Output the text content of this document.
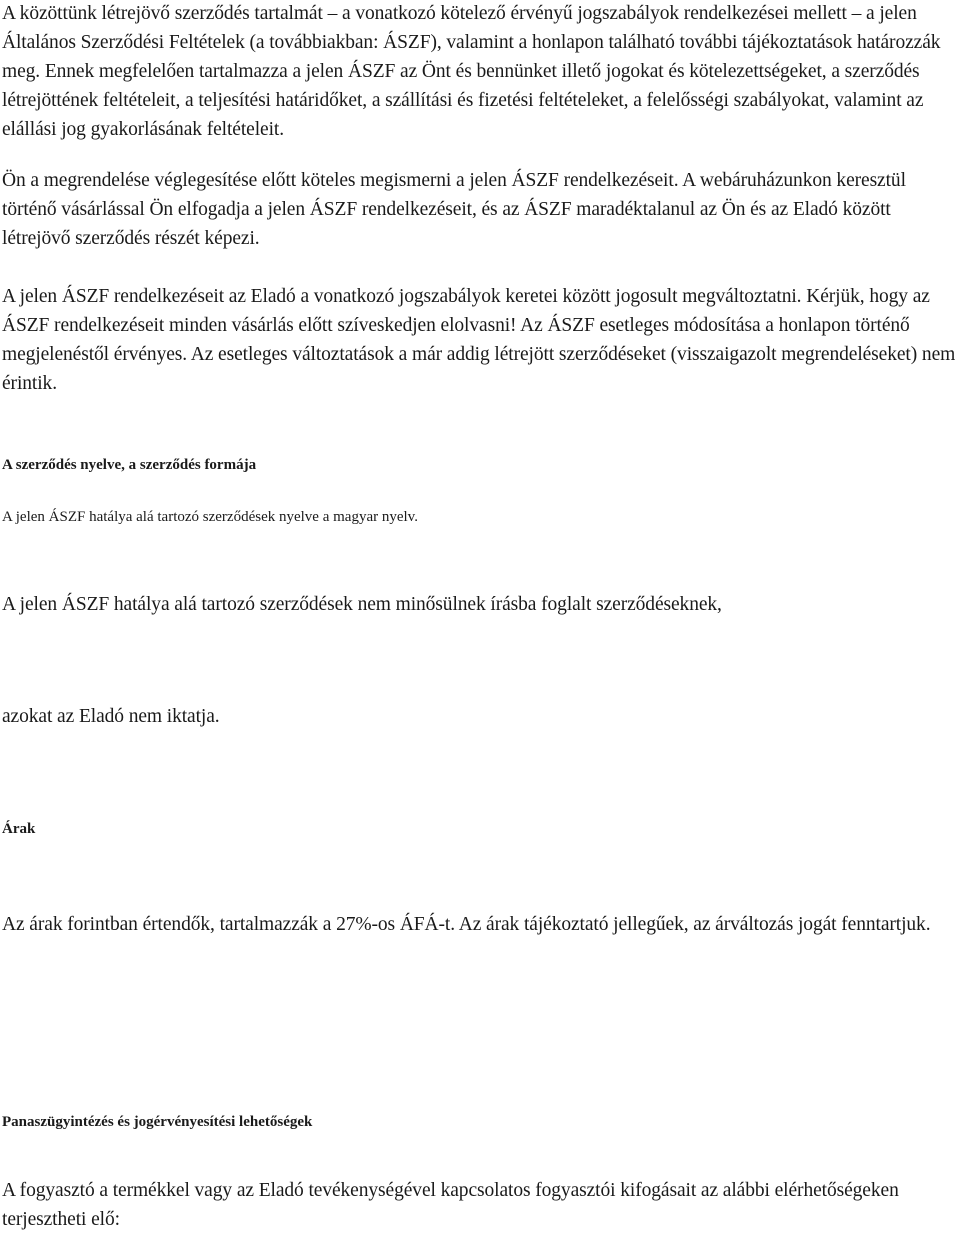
A közöttünk létrejövő szerződés tartalmát – a vonatkozó kötelező érvényű jogszabályok rendelkezései mellett – a jelen Általános Szerződési Feltételek (a továbbiakban: ÁSZF), valamint a honlapon található további tájékoztatások határozzák meg. Ennek megfelelően tartalmazza a jelen ÁSZF az Önt és bennünket illető jogokat és kötelezettségeket, a szerződés létrejöttének feltételeit, a teljesítési határidőket, a szállítási és fizetési feltételeket, a felelősségi szabályokat, valamint az elállási jog gyakorlásának feltételeit.

Ön a megrendelése véglegesítése előtt köteles megismerni a jelen ÁSZF rendelkezéseit. A webáruházunkon keresztül történő vásárlással Ön elfogadja a jelen ÁSZF rendelkezéseit, és az ÁSZF maradéktalanul az Ön és az Eladó között létrejövő szerződés részét képezi.

A jelen ÁSZF rendelkezéseit az Eladó a vonatkozó jogszabályok keretei között jogosult megváltoztatni. Kérjük, hogy az ÁSZF rendelkezéseit minden vásárlás előtt szíveskedjen elolvasni! Az ÁSZF esetleges módosítása a honlapon történő megjelenéstől érvényes. Az esetleges változtatások a már addig létrejött szerződéseket (visszaigazolt megrendeléseket) nem érintik.

A szerződés nyelve, a szerződés formája

A jelen ÁSZF hatálya alá tartozó szerződések nyelve a magyar nyelv.

A jelen ÁSZF hatálya alá tartozó szerződések nem minősülnek írásba foglalt szerződéseknek,

azokat az Eladó nem iktatja.

Árak

Az árak forintban értendők, tartalmazzák a 27%-os ÁFÁ-t. Az árak tájékoztató jellegűek, az árváltozás jogát fenntartjuk.

Panaszügyintézés és jogérvényesítési lehetőségek

A fogyasztó a termékkel vagy az Eladó tevékenységével kapcsolatos fogyasztói kifogásait az alábbi elérhetőségeken terjesztheti elő:
